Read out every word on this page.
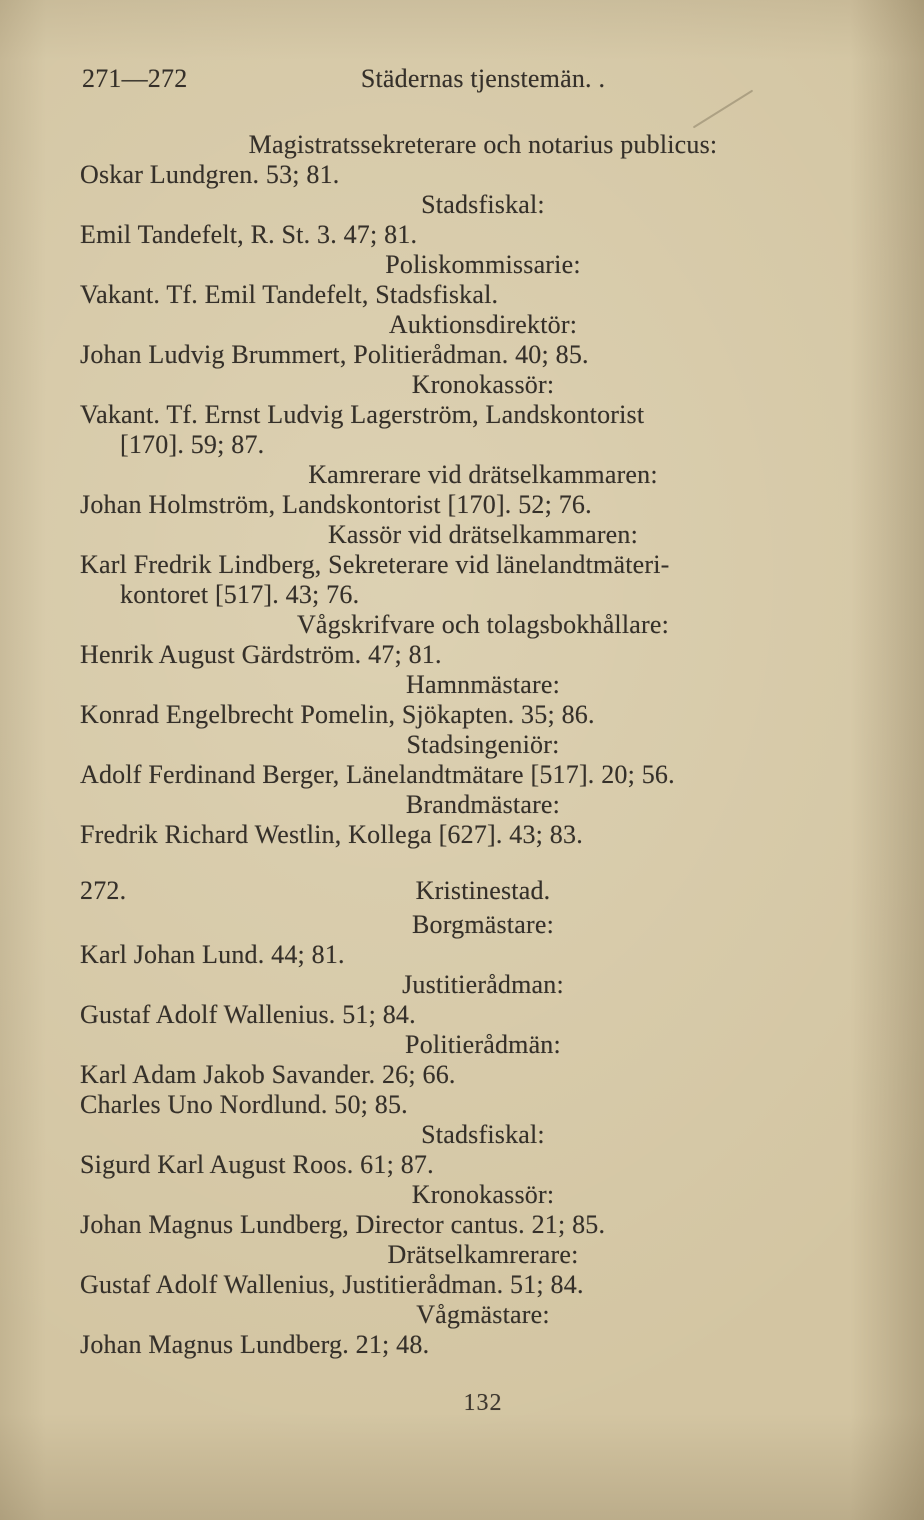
271—272	Städernas tjenstemän. .
Magistratssekreterare och notarius publicus:
Oskar Lundgren. 53; 81.
Stadsfiskal:
Emil Tandefelt, R. St. 3. 47; 81.
Poliskommissarie:
Vakant. Tf. Emil Tandefelt, Stadsfiskal.
Auktionsdirektör:
Johan Ludvig Brummert, Politierådman. 40; 85.
Kronokassör:
Vakant. Tf. Ernst Ludvig Lagerström, Landskontorist
[170]. 59; 87.
Kamrerare vid drätselkammaren:
Johan Holmström, Landskontorist [170]. 52; 76.
Kassör vid drätselkammaren:
Karl Fredrik Lindberg, Sekreterare vid länelandtmäteri-
kontoret [517]. 43; 76.
Vågskrifvare och tolagsbokhållare:
Henrik August Gärdström. 47; 81.
Hamnmästare:
Konrad Engelbrecht Pomelin, Sjökapten. 35; 86.
Stadsingeniör:
Adolf Ferdinand Berger, Länelandtmätare [517]. 20; 56.
Brandmästare:
Fredrik Richard Westlin, Kollega [627]. 43; 83.
272.	Kristinestad.
Borgmästare:
Karl Johan Lund. 44; 81.
Justitierådman:
Gustaf Adolf Wallenius. 51; 84.
Politierådmän:
Karl Adam Jakob Savander. 26; 66.
Charles Uno Nordlund. 50; 85.
Stadsfiskal:
Sigurd Karl August Roos. 61; 87.
Kronokassör:
Johan Magnus Lundberg, Director cantus. 21; 85.
Drätselkamrerare:
Gustaf Adolf Wallenius, Justitierådman. 51; 84.
Vågmästare:
Johan Magnus Lundberg. 21; 48.
132
